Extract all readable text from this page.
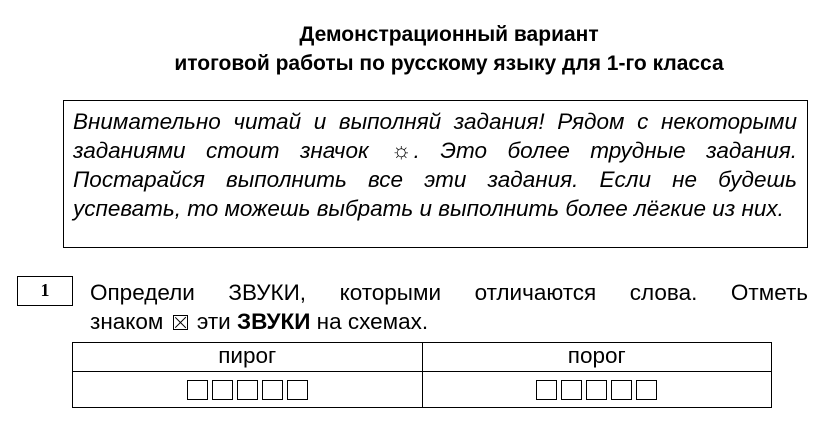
Демонстрационный вариант
итоговой работы по русскому языку для 1-го класса
Внимательно читай и выполняй задания! Рядом с некоторыми заданиями стоит значок ☼. Это более трудные задания. Постарайся выполнить все эти задания. Если не будешь успевать, то можешь выбрать и выполнить более лёгкие из них.
1	Определи ЗВУКИ, которыми отличаются слова. Отметь
знаком эти ЗВУКИ на схемах.
пирог	порог
